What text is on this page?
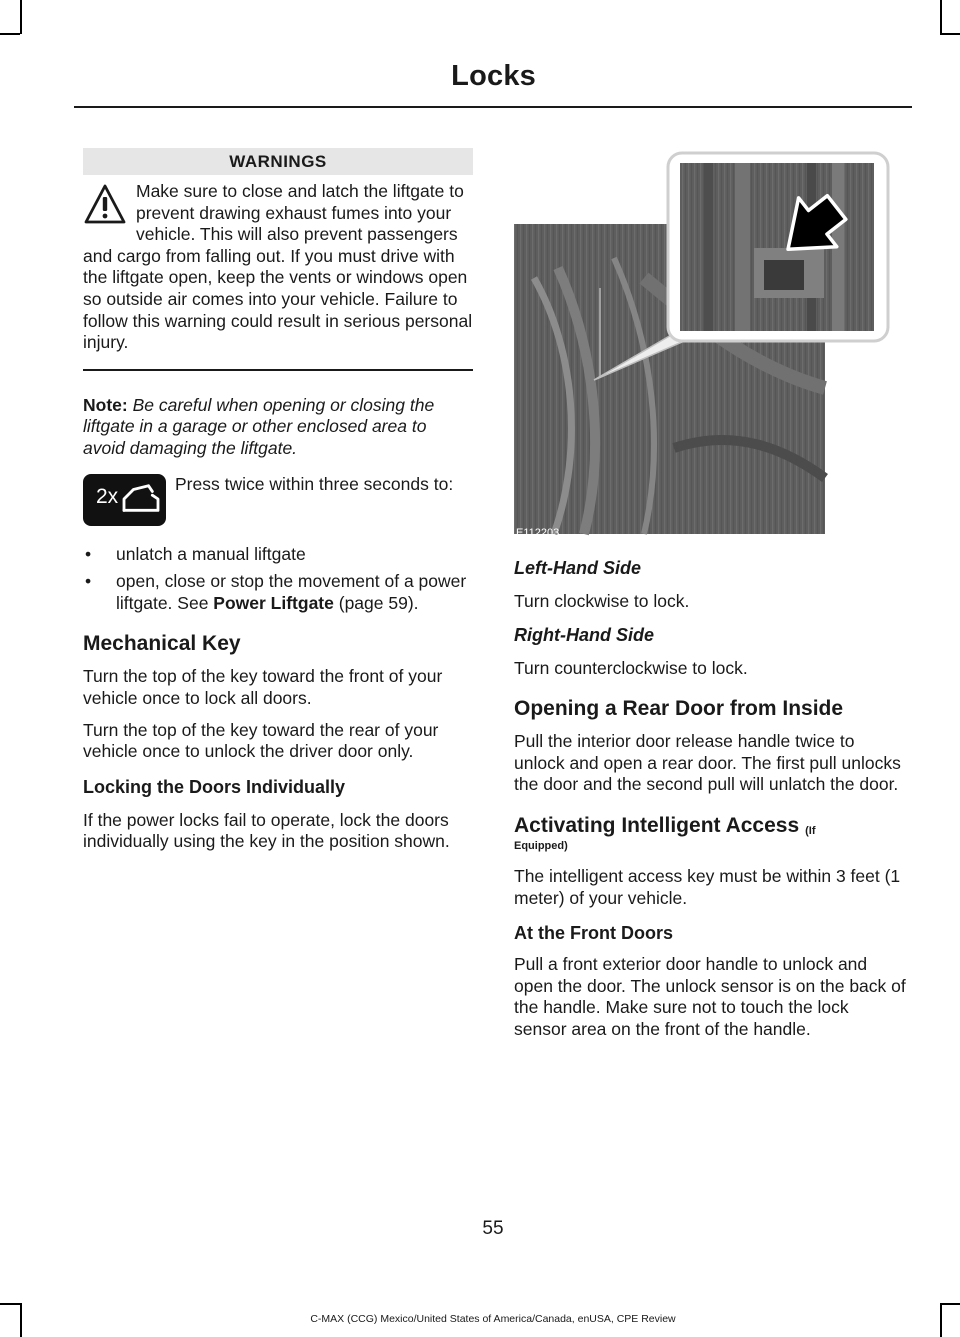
Locks
WARNINGS
Make sure to close and latch the liftgate to prevent drawing exhaust fumes into your vehicle. This will also prevent passengers and cargo from falling out. If you must drive with the liftgate open, keep the vents or windows open so outside air comes into your vehicle. Failure to follow this warning could result in serious personal injury.

Note: Be careful when opening or closing the liftgate in a garage or other enclosed area to avoid damaging the liftgate.

2x
Press twice within three seconds to:
• unlatch a manual liftgate
• open, close or stop the movement of a power liftgate. See Power Liftgate (page 59).
Mechanical Key

Turn the top of the key toward the front of your vehicle once to lock all doors.

Turn the top of the key toward the rear of your vehicle once to unlock the driver door only.

Locking the Doors Individually

If the power locks fail to operate, lock the doors individually using the key in the position shown.

E112203
Left-Hand Side

Turn clockwise to lock.

Right-Hand Side

Turn counterclockwise to lock.

Opening a Rear Door from Inside

Pull the interior door release handle twice to unlock and open a rear door. The first pull unlocks the door and the second pull will unlatch the door.

Activating Intelligent Access (If
Equipped)

The intelligent access key must be within 3 feet (1 meter) of your vehicle.

At the Front Doors

Pull a front exterior door handle to unlock and open the door. The unlock sensor is on the back of the handle. Make sure not to touch the lock sensor area on the front of the handle.

55
C-MAX (CCG) Mexico/United States of America/Canada, enUSA, CPE Review
